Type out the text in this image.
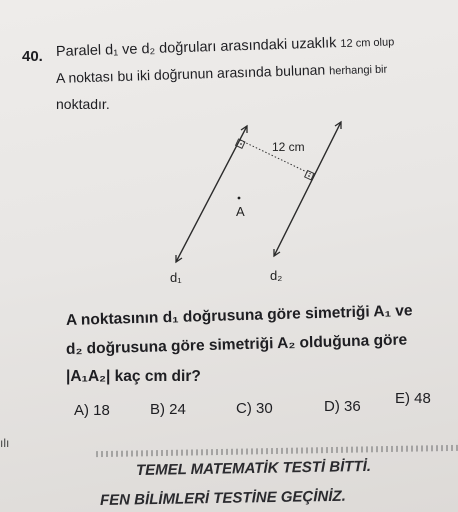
40. Paralel d₁ ve d₂ doğruları arasındaki uzaklık 12 cm olup
A noktası bu iki doğrunun arasında bulunan herhangi bir
noktadır.
12 cm
A
d₁	d₂
A noktasının d₁ doğrusuna göre simetriği A₁ ve
d₂ doğrusuna göre simetriği A₂ olduğuna göre
|A₁A₂| kaç cm dir?
A) 18	B) 24	C) 30	D) 36 E) 48
TEMEL MATEMATİK TESTİ BİTTİ.
FEN BİLİMLERİ TESTİNE GEÇİNİZ.
ılı
